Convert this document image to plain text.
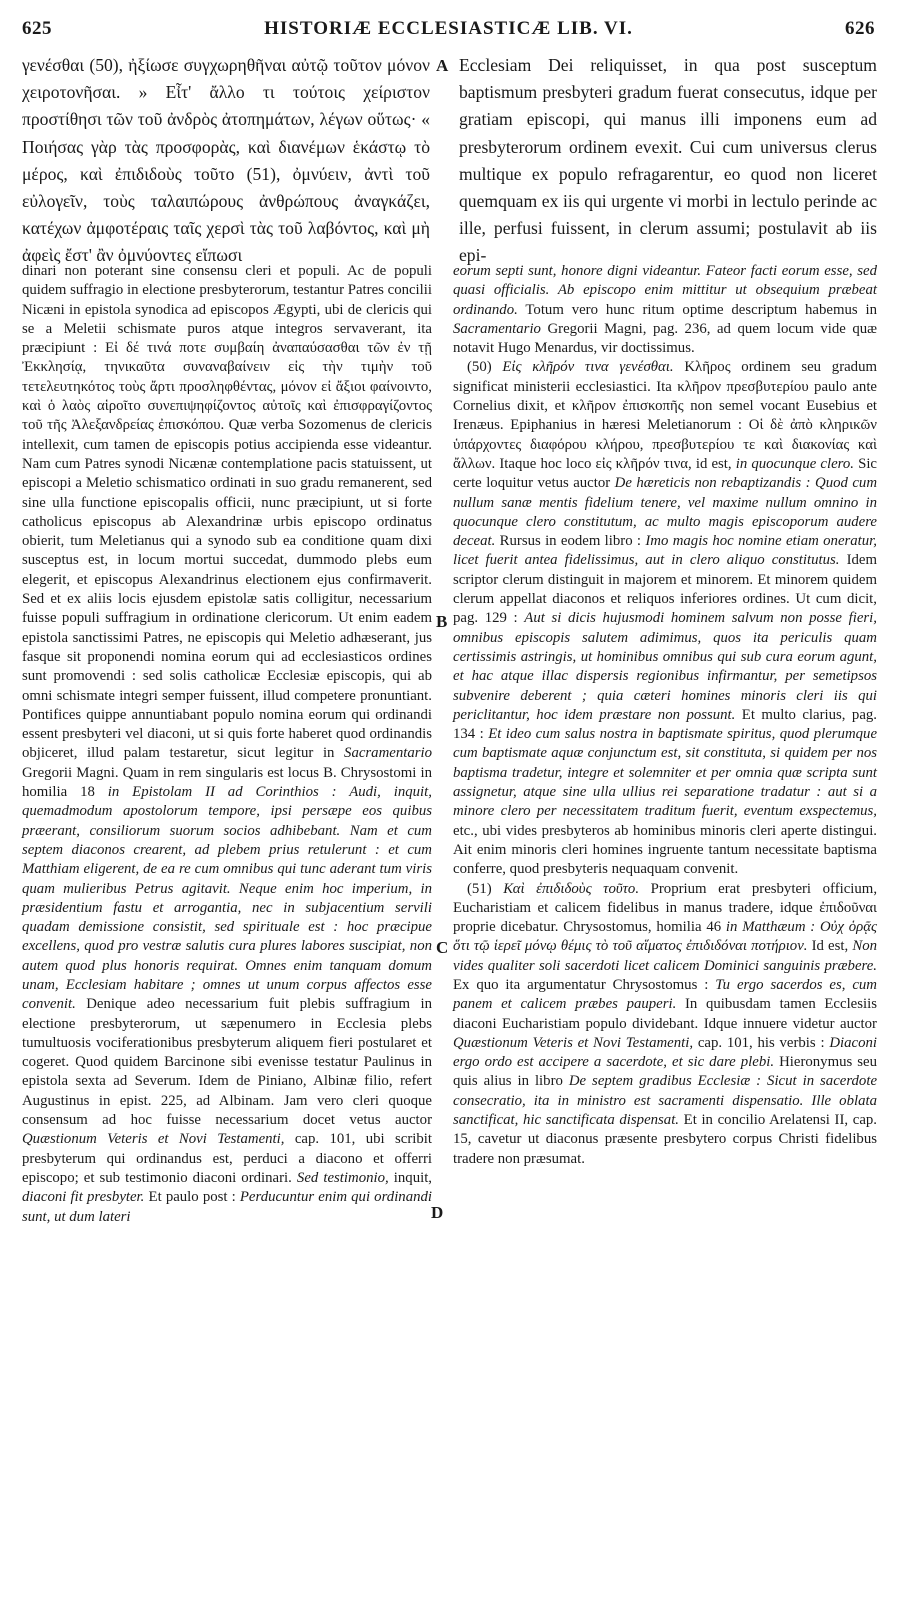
625	HISTORIÆ ECCLESIASTICÆ LIB. VI.	626

γενέσθαι (50), ἠξίωσε συγχωρηθῆναι αὐτῷ τοῦτον μόνον χειροτονῆσαι. » Εἶτ' ἄλλο τι τούτοις χείριστον προστίθησι τῶν τοῦ ἀνδρὸς ἀτοπημάτων, λέγων οὕτως· « Ποιήσας γὰρ τὰς προσφορὰς, καὶ διανέμων ἑκάστῳ τὸ μέρος, καὶ ἐπιδιδοὺς τοῦτο (51), ὀμνύειν, ἀντὶ τοῦ εὐλογεῖν, τοὺς ταλαιπώρους ἀνθρώπους ἀναγκάζει, κατέχων ἀμφοτέραις ταῖς χερσὶ τὰς τοῦ λαβόντος, καὶ μὴ ἀφεὶς ἔστ' ἂν ὀμνύοντες εἴπωσι

Ecclesiam Dei reliquisset, in qua post susceptum baptismum presbyteri gradum fuerat consecutus, idque per gratiam episcopi, qui manus illi imponens eum ad presbyterorum ordinem evexit. Cui cum universus clerus multique ex populo refragarentur, eo quod non liceret quemquam ex iis qui urgente vi morbi in lectulo perinde ac ille, perfusi fuissent, in clerum assumi; postulavit ab iis epi-

A
B
C
D

dinari non poterant sine consensu cleri et populi. Ac de populi quidem suffragio in electione presbyterorum, testantur Patres concilii Nicæni in epistola synodica ad episcopos Ægypti, ubi de clericis qui se a Meletii schismate puros atque integros servaverant, ita præcipiunt : Εἰ δέ τινά ποτε συμβαίη ἀναπαύσασθαι τῶν ἐν τῇ Ἐκκλησίᾳ, τηνικαῦτα συναναβαίνειν εἰς τὴν τιμὴν τοῦ τετελευτηκότος τοὺς ἄρτι προσληφθέντας, μόνον εἰ ἄξιοι φαίνοιντο, καὶ ὁ λαὸς αἱροῖτο συνεπιψηφίζοντος αὐτοῖς καὶ ἐπισφραγίζοντος τοῦ τῆς Ἀλεξανδρείας ἐπισκόπου. Quæ verba Sozomenus de clericis intellexit, cum tamen de episcopis potius accipienda esse videantur. Nam cum Patres synodi Nicænæ contemplatione pacis statuissent, ut episcopi a Meletio schismatico ordinati in suo gradu remanerent, sed sine ulla functione episcopalis officii, nunc præcipiunt, ut si forte catholicus episcopus ab Alexandrinæ urbis episcopo ordinatus obierit, tum Meletianus qui a synodo sub ea conditione quam dixi susceptus est, in locum mortui succedat, dummodo plebs eum elegerit, et episcopus Alexandrinus electionem ejus confirmaverit. Sed et ex aliis locis ejusdem epistolæ satis colligitur, necessarium fuisse populi suffragium in ordinatione clericorum. Ut enim eadem epistola sanctissimi Patres, ne episcopis qui Meletio adhæserant, jus fasque sit proponendi nomina eorum qui ad ecclesiasticos ordines sunt promovendi : sed solis catholicæ Ecclesiæ episcopis, qui ab omni schismate integri semper fuissent, illud competere pronuntiant. Pontifices quippe annuntiabant populo nomina eorum qui ordinandi essent presbyteri vel diaconi, ut si quis forte haberet quod ordinandis objiceret, illud palam testaretur, sicut legitur in Sacramentario Gregorii Magni. Quam in rem singularis est locus B. Chrysostomi in homilia 18 in Epistolam II ad Corinthios : Audi, inquit, quemadmodum apostolorum tempore, ipsi persæpe eos quibus præerant, consiliorum suorum socios adhibebant. Nam et cum septem diaconos crearent, ad plebem prius retulerunt : et cum Matthiam eligerent, de ea re cum omnibus qui tunc aderant tum viris quam mulieribus Petrus agitavit. Neque enim hoc imperium, in præsidentium fastu et arrogantia, nec in subjacentium servili quadam demissione consistit, sed spirituale est : hoc præcipue excellens, quod pro vestræ salutis cura plures labores suscipiat, non autem quod plus honoris requirat. Omnes enim tanquam domum unam, Ecclesiam habitare ; omnes ut unum corpus affectos esse convenit. Denique adeo necessarium fuit plebis suffragium in electione presbyterorum, ut sæpenumero in Ecclesia plebs tumultuosis vociferationibus presbyterum aliquem fieri postularet et cogeret. Quod quidem Barcinone sibi evenisse testatur Paulinus in epistola sexta ad Severum. Idem de Piniano, Albinæ filio, refert Augustinus in epist. 225, ad Albinam. Jam vero cleri quoque consensum ad hoc fuisse necessarium docet vetus auctor Quæstionum Veteris et Novi Testamenti, cap. 101, ubi scribit presbyterum qui ordinandus est, perduci a diacono et offerri episcopo; et sub testimonio diaconi ordinari. Sed testimonio, inquit, diaconi fit presbyter. Et paulo post : Perducuntur enim qui ordinandi sunt, ut dum lateri

eorum septi sunt, honore digni videantur. Fateor facti eorum esse, sed quasi officialis. Ab episcopo enim mittitur ut obsequium præbeat ordinando. Totum vero hunc ritum optime descriptum habemus in Sacramentario Gregorii Magni, pag. 236, ad quem locum vide quæ notavit Hugo Menardus, vir doctissimus.

(50) Εἰς κλῆρόν τινα γενέσθαι. Κλῆρος ordinem seu gradum significat ministerii ecclesiastici. Ita κλῆρον πρεσβυτερίου paulo ante Cornelius dixit, et κλῆρον ἐπισκοπῆς non semel vocant Eusebius et Irenæus. Epiphanius in hæresi Meletianorum : Οἱ δὲ ἀπὸ κληρικῶν ὑπάρχοντες διαφόρου κλήρου, πρεσβυτερίου τε καὶ διακονίας καὶ ἄλλων. Itaque hoc loco εἰς κλῆρόν τινα, id est, in quocunque clero. Sic certe loquitur vetus auctor De hæreticis non rebaptizandis : Quod cum nullum sanæ mentis fidelium tenere, vel maxime nullum omnino in quocunque clero constitutum, ac multo magis episcoporum audere deceat. Rursus in eodem libro : Imo magis hoc nomine etiam oneratur, licet fuerit antea fidelissimus, aut in clero aliquo constitutus. Idem scriptor clerum distinguit in majorem et minorem. Et minorem quidem clerum appellat diaconos et reliquos inferiores ordines. Ut cum dicit, pag. 129 : Aut si dicis hujusmodi hominem salvum non posse fieri, omnibus episcopis salutem adimimus, quos ita periculis quam certissimis astringis, ut hominibus omnibus qui sub cura eorum agunt, et hac atque illac dispersis regionibus infirmantur, per semetipsos subvenire deberent ; quia cæteri homines minoris cleri iis qui periclitantur, hoc idem præstare non possunt. Et multo clarius, pag. 134 : Et ideo cum salus nostra in baptismate spiritus, quod plerumque cum baptismate aquæ conjunctum est, sit constituta, si quidem per nos baptisma tradetur, integre et solemniter et per omnia quæ scripta sunt assignetur, atque sine ulla ullius rei separatione tradatur : aut si a minore clero per necessitatem traditum fuerit, eventum exspectemus, etc., ubi vides presbyteros ab hominibus minoris cleri aperte distingui. Ait enim minoris cleri homines ingruente tantum necessitate baptisma conferre, quod presbyteris nequaquam convenit.

(51) Καὶ ἐπιδιδοὺς τοῦτο. Proprium erat presbyteri officium, Eucharistiam et calicem fidelibus in manus tradere, idque ἐπιδοῦναι proprie dicebatur. Chrysostomus, homilia 46 in Matthæum : Οὐχ ὁρᾷς ὅτι τῷ ἱερεῖ μόνῳ θέμις τὸ τοῦ αἵματος ἐπιδιδόναι ποτήριον. Id est, Non vides qualiter soli sacerdoti licet calicem Dominici sanguinis præbere. Ex quo ita argumentatur Chrysostomus : Tu ergo sacerdos es, cum panem et calicem præbes pauperi. In quibusdam tamen Ecclesiis diaconi Eucharistiam populo dividebant. Idque innuere videtur auctor Quæstionum Veteris et Novi Testamenti, cap. 101, his verbis : Diaconi ergo ordo est accipere a sacerdote, et sic dare plebi. Hieronymus seu quis alius in libro De septem gradibus Ecclesiæ : Sicut in sacerdote consecratio, ita in ministro est sacramenti dispensatio. Ille oblata sanctificat, hic sanctificata dispensat. Et in concilio Arelatensi II, cap. 15, cavetur ut diaconus præsente presbytero corpus Christi fidelibus tradere non præsumat.
